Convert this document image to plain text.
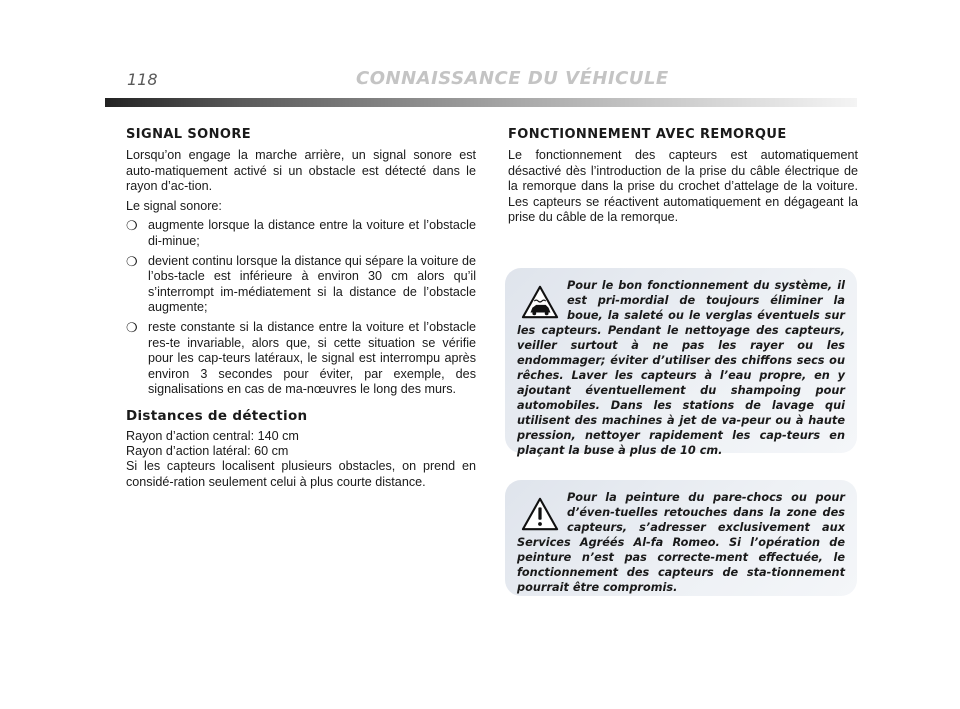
118	CONNAISSANCE DU VÉHICULE
SIGNAL SONORE

Lorsqu’on engage la marche arrière, un signal sonore est auto-matiquement activé si un obstacle est détecté dans le rayon d’ac-tion.

Le signal sonore:

❍ augmente lorsque la distance entre la voiture et l’obstacle di-minue;
❍ devient continu lorsque la distance qui sépare la voiture de l’obs-tacle est inférieure à environ 30 cm alors qu’il s’interrompt im-médiatement si la distance de l’obstacle augmente;
❍ reste constante si la distance entre la voiture et l’obstacle res-te invariable, alors que, si cette situation se vérifie pour les cap-teurs latéraux, le signal est interrompu après environ 3 secondes pour éviter, par exemple, des signalisations en cas de ma-nœuvres le long des murs.
Distances de détection
Rayon d’action central: 140 cm
Rayon d’action latéral: 60 cm

Si les capteurs localisent plusieurs obstacles, on prend en considé-ration seulement celui à plus courte distance.

FONCTIONNEMENT AVEC REMORQUE

Le fonctionnement des capteurs est automatiquement désactivé dès l’introduction de la prise du câble électrique de la remorque dans la prise du crochet d’attelage de la voiture. Les capteurs se réactivent automatiquement en dégageant la prise du câble de la remorque.

Pour le bon fonctionnement du système, il est pri-mordial de toujours éliminer la boue, la saleté ou le verglas éventuels sur les capteurs. Pendant le nettoyage des capteurs, veiller surtout à ne pas les rayer ou les endommager; éviter d’utiliser des chiffons secs ou rêches. Laver les capteurs à l’eau propre, en y ajoutant éventuellement du shampoing pour automobiles. Dans les stations de lavage qui utilisent des machines à jet de va-peur ou à haute pression, nettoyer rapidement les cap-teurs en plaçant la buse à plus de 10 cm.

Pour la peinture du pare-chocs ou pour d’éven-tuelles retouches dans la zone des capteurs, s’adresser exclusivement aux Services Agréés Al-fa Romeo. Si l’opération de peinture n’est pas correcte-ment effectuée, le fonctionnement des capteurs de sta-tionnement pourrait être compromis.
